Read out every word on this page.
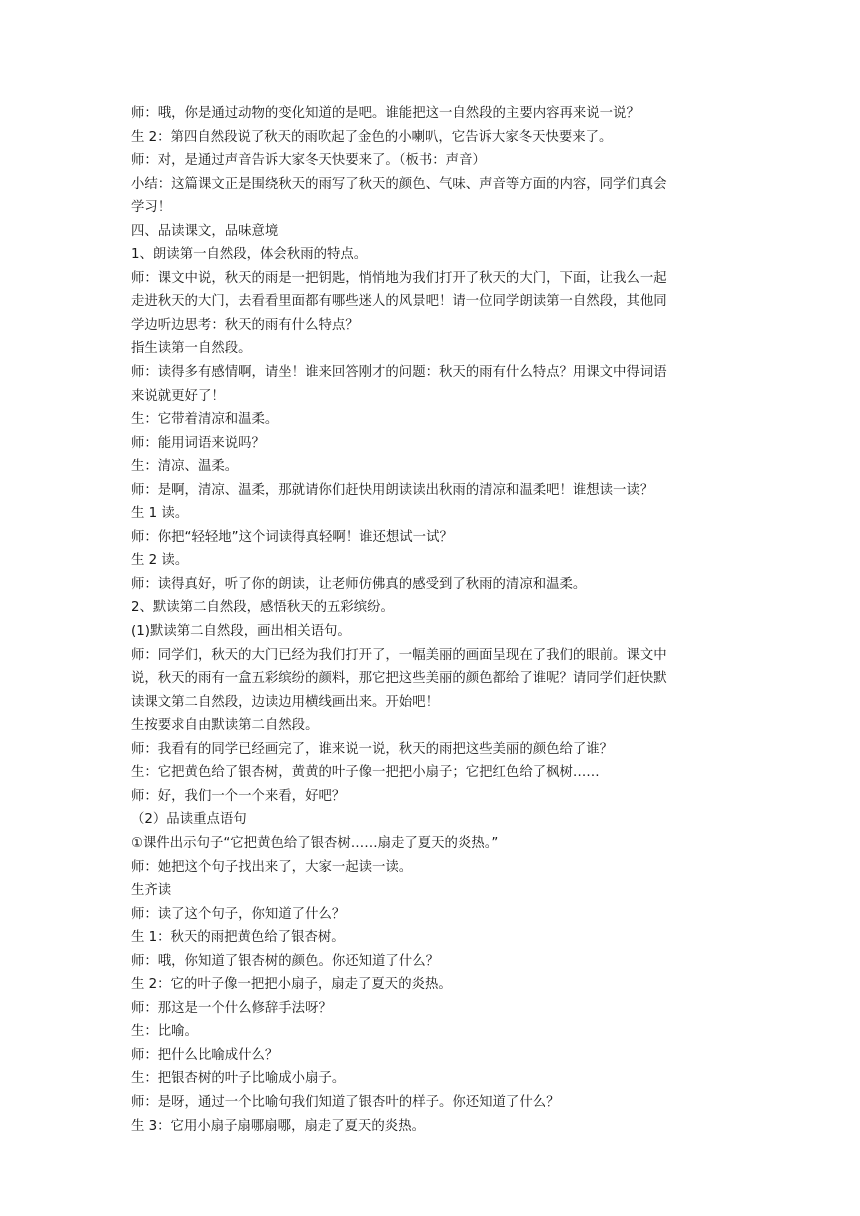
师：哦，你是通过动物的变化知道的是吧。谁能把这一自然段的主要内容再来说一说？
生 2：第四自然段说了秋天的雨吹起了金色的小喇叭，它告诉大家冬天快要来了。
师：对，是通过声音告诉大家冬天快要来了。（板书：声音）
小结：这篇课文正是围绕秋天的雨写了秋天的颜色、气味、声音等方面的内容，同学们真会
学习！
四、品读课文，品味意境
1、朗读第一自然段，体会秋雨的特点。
师：课文中说，秋天的雨是一把钥匙，悄悄地为我们打开了秋天的大门，下面，让我么一起
走进秋天的大门，去看看里面都有哪些迷人的风景吧！请一位同学朗读第一自然段，其他同
学边听边思考：秋天的雨有什么特点？
指生读第一自然段。
师：读得多有感情啊，请坐！谁来回答刚才的问题：秋天的雨有什么特点？用课文中得词语
来说就更好了！
生：它带着清凉和温柔。
师：能用词语来说吗？
生：清凉、温柔。
师：是啊，清凉、温柔，那就请你们赶快用朗读读出秋雨的清凉和温柔吧！谁想读一读？
生 1 读。
师：你把“轻轻地”这个词读得真轻啊！谁还想试一试？
生 2 读。
师：读得真好，听了你的朗读，让老师仿佛真的感受到了秋雨的清凉和温柔。
2、默读第二自然段，感悟秋天的五彩缤纷。
(1)默读第二自然段，画出相关语句。
师：同学们，秋天的大门已经为我们打开了，一幅美丽的画面呈现在了我们的眼前。课文中
说，秋天的雨有一盒五彩缤纷的颜料，那它把这些美丽的颜色都给了谁呢？请同学们赶快默
读课文第二自然段，边读边用横线画出来。开始吧！
生按要求自由默读第二自然段。
师：我看有的同学已经画完了，谁来说一说，秋天的雨把这些美丽的颜色给了谁？
生：它把黄色给了银杏树，黄黄的叶子像一把把小扇子；它把红色给了枫树……
师：好，我们一个一个来看，好吧？
（2）品读重点语句
①课件出示句子“它把黄色给了银杏树……扇走了夏天的炎热。”
师：她把这个句子找出来了，大家一起读一读。
生齐读
师：读了这个句子，你知道了什么？
生 1：秋天的雨把黄色给了银杏树。
师：哦，你知道了银杏树的颜色。你还知道了什么？
生 2：它的叶子像一把把小扇子，扇走了夏天的炎热。
师：那这是一个什么修辞手法呀？
生：比喻。
师：把什么比喻成什么？
生：把银杏树的叶子比喻成小扇子。
师：是呀，通过一个比喻句我们知道了银杏叶的样子。你还知道了什么？
生 3：它用小扇子扇哪扇哪，扇走了夏天的炎热。
